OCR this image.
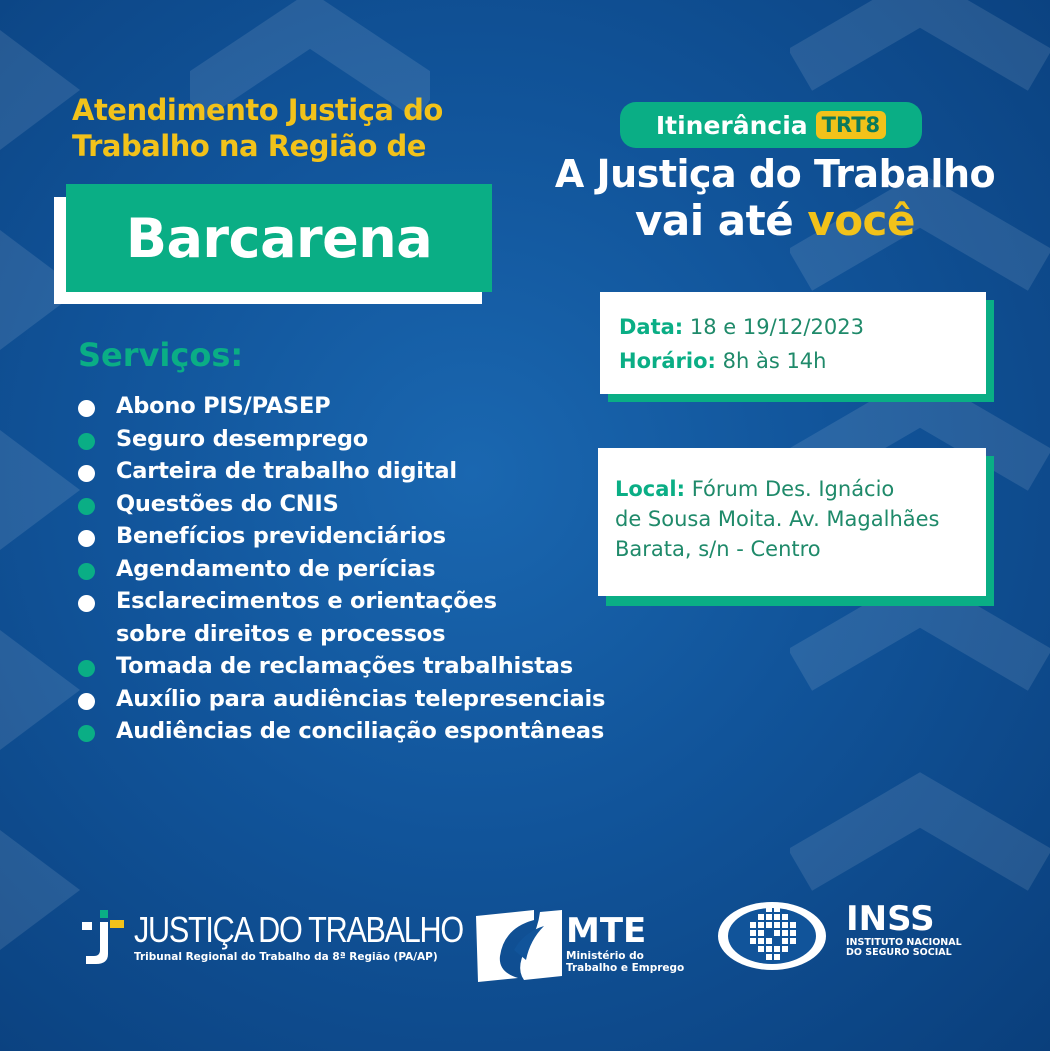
Atendimento Justiça do
Trabalho na Região de
Barcarena
Itinerância TRT8
A Justiça do Trabalho
vai até você
Data: 18 e 19/12/2023
Horário: 8h às 14h
Local: Fórum Des. Ignácio
de Sousa Moita. Av. Magalhães
Barata, s/n - Centro
Serviços:
Abono PIS/PASEP
Seguro desemprego
Carteira de trabalho digital
Questões do CNIS
Benefícios previdenciários
Agendamento de perícias
Esclarecimentos e orientações
sobre direitos e processos
Tomada de reclamações trabalhistas
Auxílio para audiências telepresenciais
Audiências de conciliação espontâneas
JUSTIÇA DO TRABALHO
Tribunal Regional do Trabalho da 8ª Região (PA/AP)
MTE
Ministério do
Trabalho e Emprego
INSS
INSTITUTO NACIONAL
DO SEGURO SOCIAL
